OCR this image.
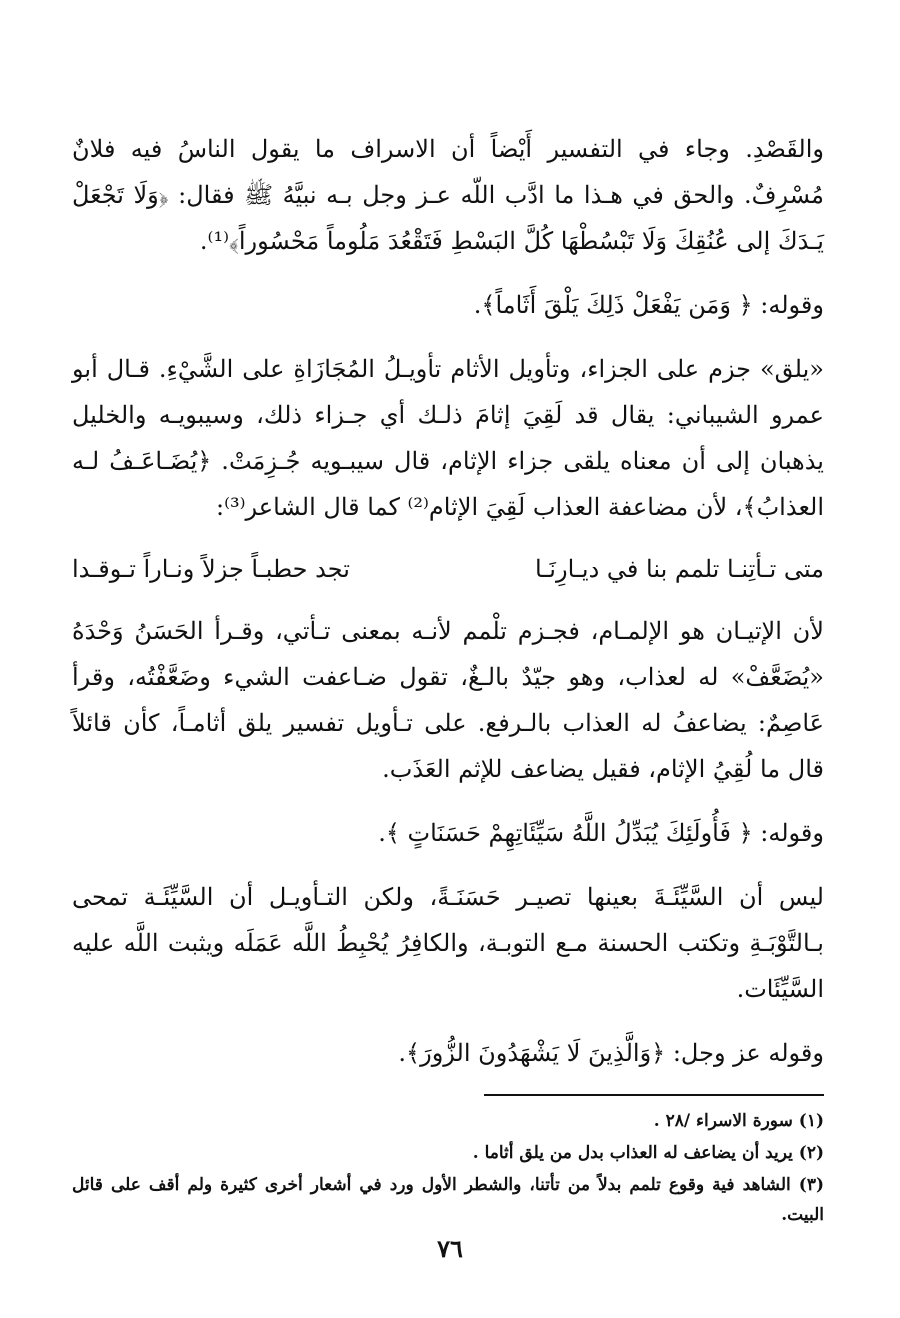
والقَصْدِ. وجاء في التفسير أَيْضاً أن الاسراف ما يقول الناسُ فيه فلانٌ مُسْرِفٌ. والحق في هـذا ما ادَّب اللّه عـز وجل بـه نبيَّهُ ﷺ فقال: ﴿وَلَا تَجْعَلْ يَـدَكَ إلى عُنُقِكَ وَلَا تَبْسُطْهَا كُلَّ البَسْطِ فَتَقْعُدَ مَلُوماً مَحْسُوراً﴾⁽¹⁾.

وقوله: ﴿ وَمَن يَفْعَلْ ذَلِكَ يَلْقَ أَثَاماً﴾.

«يلق» جزم على الجزاء، وتأويل الأثام تأويـلُ المُجَازَاةِ على الشَّيْءِ. قـال أبو عمرو الشيباني: يقال قد لَقِيَ إثامَ ذلـك أي جـزاء ذلك، وسيبويـه والخليل يذهبان إلى أن معناه يلقى جزاء الإثام، قال سيبـويه جُـزِمَتْ. ﴿يُضَـاعَـفُ لـه العذابُ﴾، لأن مضاعفة العذاب لَقِيَ الإثام⁽²⁾ كما قال الشاعر⁽³⁾:

متى تـأتِنـا تلمم بنا في ديـارِنَـا
تجد حطبـاً جزلاً ونـاراً تـوقـدا

لأن الإتيـان هو الإلمـام، فجـزم تلْمم لأنـه بمعنى تـأتي، وقـرأ الحَسَنُ وَحْدَهُ «يُضَعَّفْ» له لعذاب، وهو جيّدٌ بالـغٌ، تقول ضـاعفت الشيء وضَعَّفْتُه، وقرأ عَاصِمٌ: يضاعفُ له العذاب بالـرفع. على تـأويل تفسير يلق أثامـاً، كأن قائلاً قال ما لُقِيُ الإثام، فقيل يضاعف للإثم العَذَب.

وقوله: ﴿ فَأُولَئِكَ يُبَدِّلُ اللَّهُ سَيِّئَاتِهِمْ حَسَنَاتٍ ﴾.

ليس أن السَّيِّئَـةَ بعينها تصيـر حَسَنَـةً، ولكن التـأويـل أن السَّيِّئَـة تمحى بـالتَّوْبَـةِ وتكتب الحسنة مـع التوبـة، والكافِرُ يُحْبِطُ اللَّه عَمَلَه ويثبت اللَّه عليه السَّيِّئَات.

وقوله عز وجل: ﴿وَالَّذِينَ لَا يَشْهَدُونَ الزُّورَ﴾.

(١) سورة الاسراء /٢٨ .
(٢) يريد أن يضاعف له العذاب بدل من يلق أثاما .
(٣) الشاهد فية وقوع تلمم بدلاً من تأتنا، والشطر الأول ورد في أشعار أخرى كثيرة ولم أقف على قائل البيت.
٧٦
